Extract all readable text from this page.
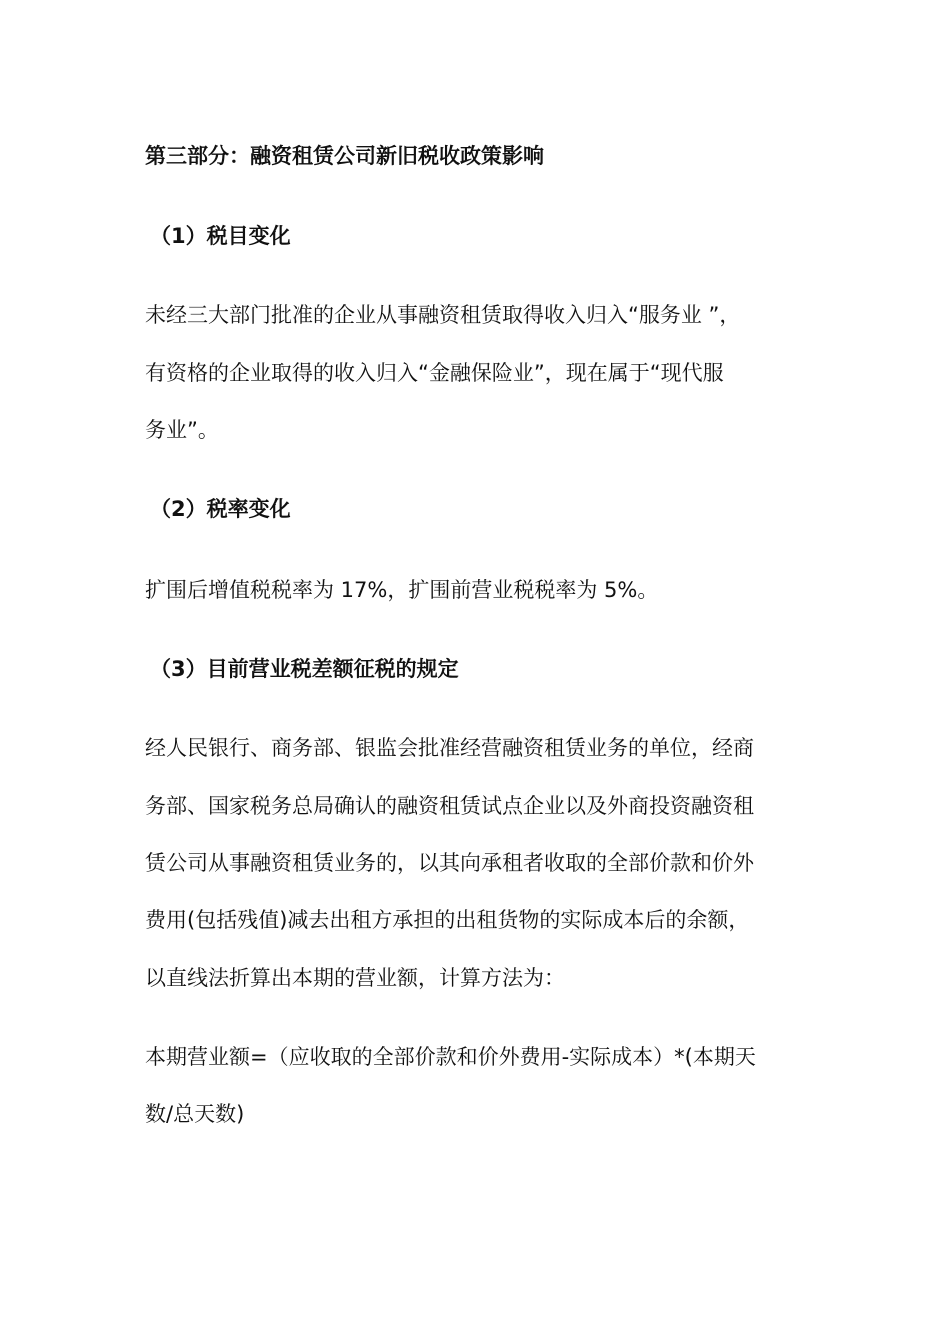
第三部分：融资租赁公司新旧税收政策影响
（1）税目变化
未经三大部门批准的企业从事融资租赁取得收入归入“服务业 ”，
有资格的企业取得的收入归入“金融保险业”，现在属于“现代服
务业”。
（2）税率变化
扩围后增值税税率为 17%，扩围前营业税税率为 5%。
（3）目前营业税差额征税的规定
经人民银行、商务部、银监会批准经营融资租赁业务的单位，经商
务部、国家税务总局确认的融资租赁试点企业以及外商投资融资租
赁公司从事融资租赁业务的，以其向承租者收取的全部价款和价外
费用(包括残值)减去出租方承担的出租货物的实际成本后的余额，
以直线法折算出本期的营业额，计算方法为：
本期营业额=（应收取的全部价款和价外费用-实际成本）*(本期天
数/总天数)
